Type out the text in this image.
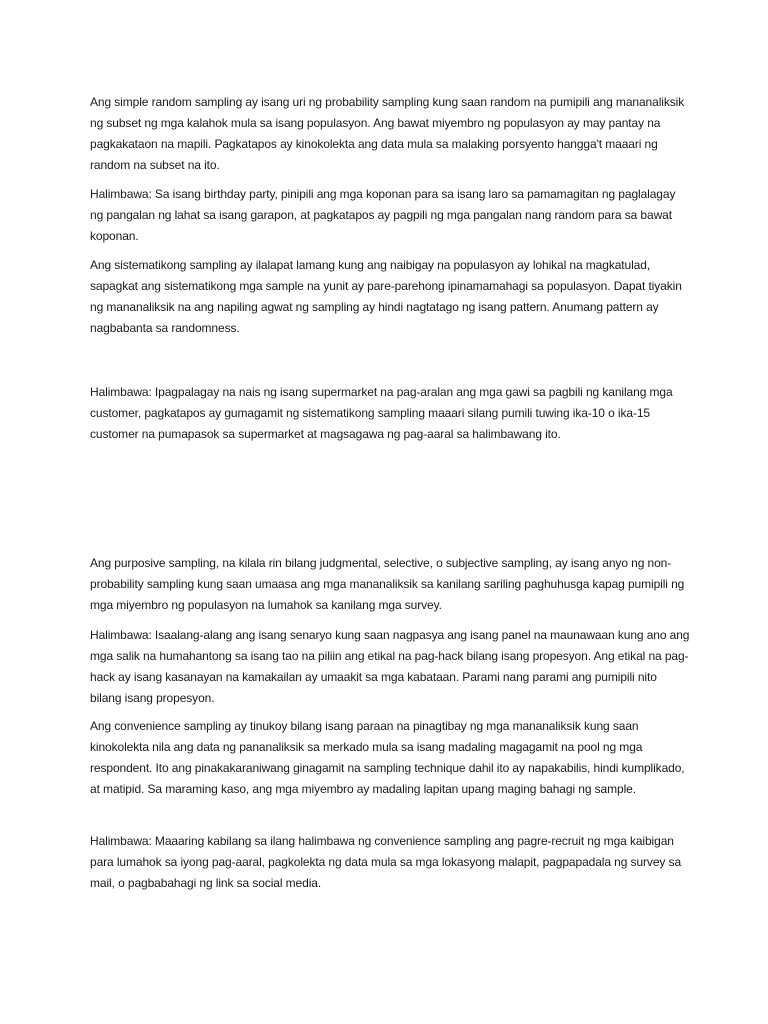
Ang simple random sampling ay isang uri ng probability sampling kung saan random na pumipili ang mananaliksik ng subset ng mga kalahok mula sa isang populasyon. Ang bawat miyembro ng populasyon ay may pantay na pagkakataon na mapili. Pagkatapos ay kinokolekta ang data mula sa malaking porsyento hangga't maaari ng random na subset na ito.

Halimbawa: Sa isang birthday party, pinipili ang mga koponan para sa isang laro sa pamamagitan ng paglalagay ng pangalan ng lahat sa isang garapon, at pagkatapos ay pagpili ng mga pangalan nang random para sa bawat koponan.

Ang sistematikong sampling ay ilalapat lamang kung ang naibigay na populasyon ay lohikal na magkatulad, sapagkat ang sistematikong mga sample na yunit ay pare-parehong ipinamamahagi sa populasyon. Dapat tiyakin ng mananaliksik na ang napiling agwat ng sampling ay hindi nagtatago ng isang pattern. Anumang pattern ay nagbabanta sa randomness.

Halimbawa: Ipagpalagay na nais ng isang supermarket na pag-aralan ang mga gawi sa pagbili ng kanilang mga customer, pagkatapos ay gumagamit ng sistematikong sampling maaari silang pumili tuwing ika-10 o ika-15 customer na pumapasok sa supermarket at magsagawa ng pag-aaral sa halimbawang ito.

Ang purposive sampling, na kilala rin bilang judgmental, selective, o subjective sampling, ay isang anyo ng non-probability sampling kung saan umaasa ang mga mananaliksik sa kanilang sariling paghuhusga kapag pumipili ng mga miyembro ng populasyon na lumahok sa kanilang mga survey.

Halimbawa: Isaalang-alang ang isang senaryo kung saan nagpasya ang isang panel na maunawaan kung ano ang mga salik na humahantong sa isang tao na piliin ang etikal na pag-hack bilang isang propesyon. Ang etikal na pag-hack ay isang kasanayan na kamakailan ay umaakit sa mga kabataan. Parami nang parami ang pumipili nito bilang isang propesyon.

Ang convenience sampling ay tinukoy bilang isang paraan na pinagtibay ng mga mananaliksik kung saan kinokolekta nila ang data ng pananaliksik sa merkado mula sa isang madaling magagamit na pool ng mga respondent. Ito ang pinakakaraniwang ginagamit na sampling technique dahil ito ay napakabilis, hindi kumplikado, at matipid. Sa maraming kaso, ang mga miyembro ay madaling lapitan upang maging bahagi ng sample.

Halimbawa: Maaaring kabilang sa ilang halimbawa ng convenience sampling ang pagre-recruit ng mga kaibigan para lumahok sa iyong pag-aaral, pagkolekta ng data mula sa mga lokasyong malapit, pagpapadala ng survey sa mail, o pagbabahagi ng link sa social media.
